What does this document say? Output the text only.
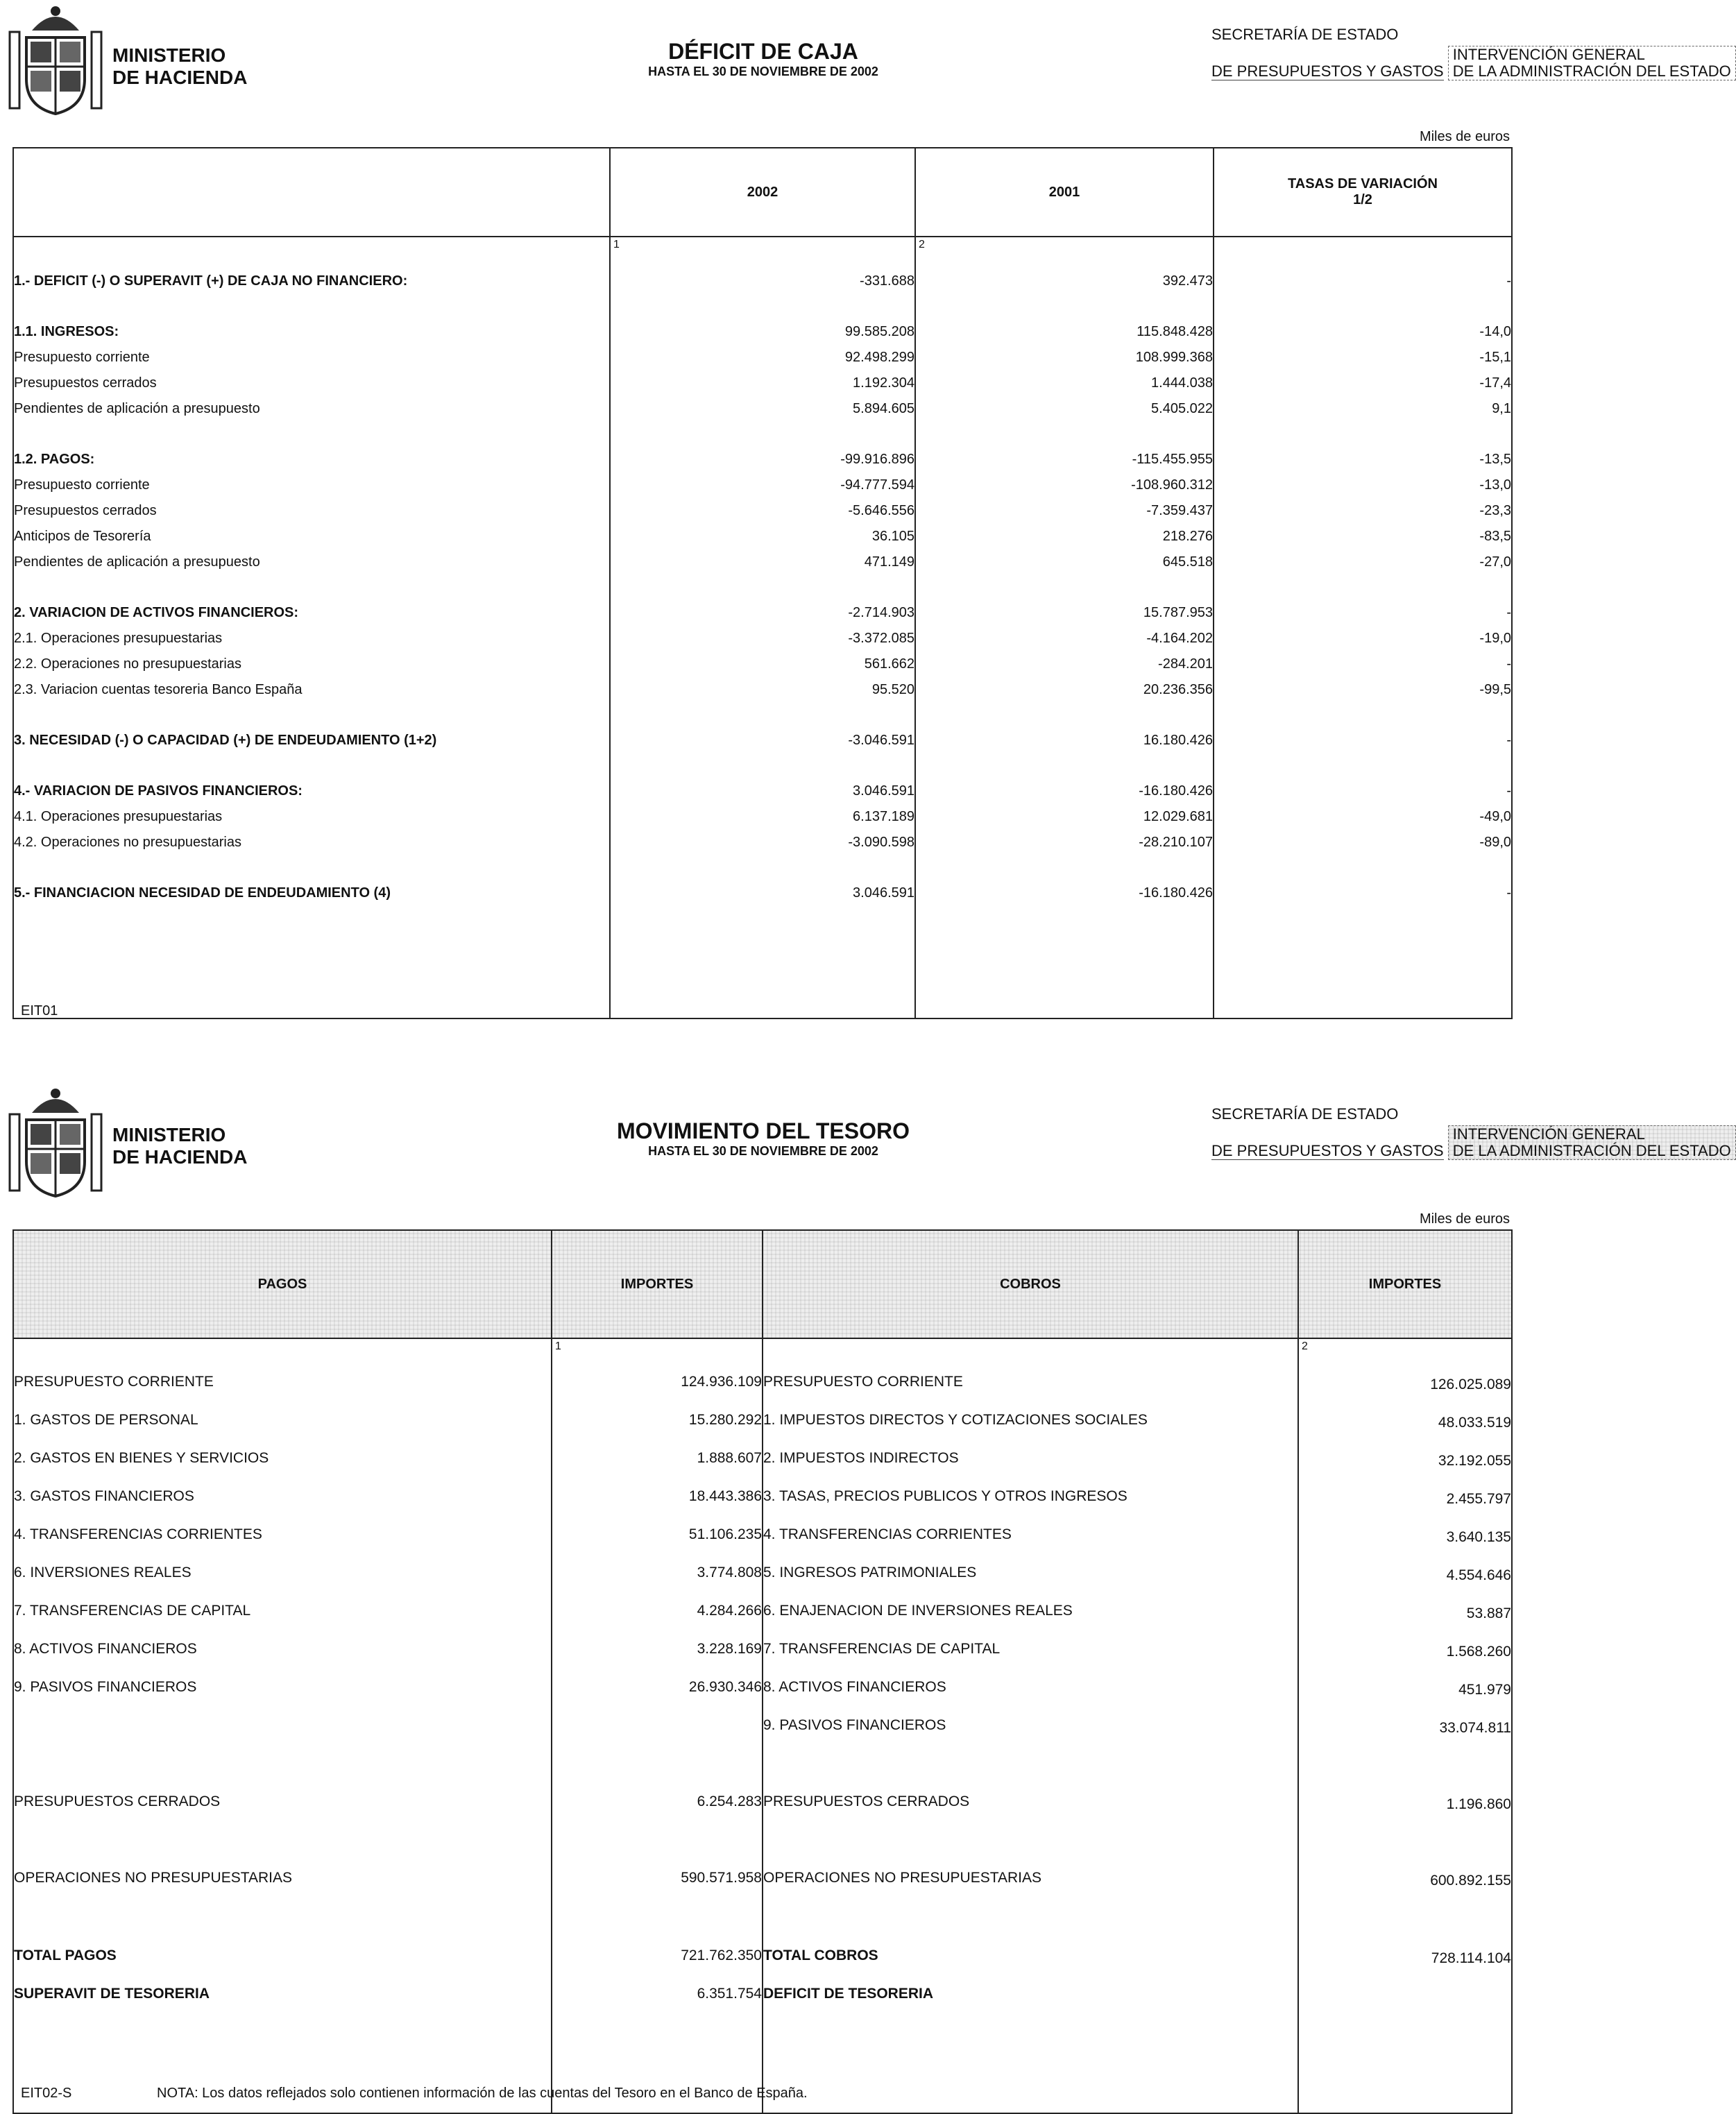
MINISTERIO
DE HACIENDA
DÉFICIT DE CAJA
HASTA EL 30 DE NOVIEMBRE DE 2002
SECRETARÍA DE ESTADO
DE PRESUPUESTOS Y GASTOS
INTERVENCIÓN GENERAL
DE LA ADMINISTRACIÓN DEL ESTADO
Miles de euros
	2002	2001	TASAS DE VARIACIÓN
1/2

	1	2	

1.- DEFICIT (-) O SUPERAVIT (+) DE CAJA NO FINANCIERO:	-331.688	392.473	-

1.1. INGRESOS:	99.585.208	115.848.428	-14,0
Presupuesto corriente	92.498.299	108.999.368	-15,1
Presupuestos cerrados	1.192.304	1.444.038	-17,4
Pendientes de aplicación a presupuesto	5.894.605	5.405.022	9,1

1.2. PAGOS:	-99.916.896	-115.455.955	-13,5
Presupuesto corriente	-94.777.594	-108.960.312	-13,0
Presupuestos cerrados	-5.646.556	-7.359.437	-23,3
Anticipos de Tesorería	36.105	218.276	-83,5
Pendientes de aplicación a presupuesto	471.149	645.518	-27,0

2. VARIACION DE ACTIVOS FINANCIEROS:	-2.714.903	15.787.953	-
2.1. Operaciones presupuestarias	-3.372.085	-4.164.202	-19,0
2.2. Operaciones no presupuestarias	561.662	-284.201	-
2.3. Variacion cuentas tesoreria Banco España	95.520	20.236.356	-99,5

3. NECESIDAD (-) O CAPACIDAD (+) DE ENDEUDAMIENTO (1+2)	-3.046.591	16.180.426	-

4.- VARIACION DE PASIVOS FINANCIEROS:	3.046.591	-16.180.426	-
4.1. Operaciones presupuestarias	6.137.189	12.029.681	-49,0
4.2. Operaciones no presupuestarias	-3.090.598	-28.210.107	-89,0

5.- FINANCIACION NECESIDAD DE ENDEUDAMIENTO (4)	3.046.591	-16.180.426	-

EIT01
MINISTERIO
DE HACIENDA
MOVIMIENTO DEL TESORO
HASTA EL 30 DE NOVIEMBRE DE 2002
SECRETARÍA DE ESTADO
DE PRESUPUESTOS Y GASTOS
INTERVENCIÓN GENERAL
DE LA ADMINISTRACIÓN DEL ESTADO
Miles de euros
PAGOS	IMPORTES	COBROS	IMPORTES

	1		2

PRESUPUESTO CORRIENTE	124.936.109	PRESUPUESTO CORRIENTE	126.025.089
1. GASTOS DE PERSONAL	15.280.292	1. IMPUESTOS DIRECTOS Y COTIZACIONES SOCIALES	48.033.519
2. GASTOS EN BIENES Y SERVICIOS	1.888.607	2. IMPUESTOS INDIRECTOS	32.192.055
3. GASTOS FINANCIEROS	18.443.386	3. TASAS, PRECIOS PUBLICOS Y OTROS INGRESOS	2.455.797
4. TRANSFERENCIAS CORRIENTES	51.106.235	4. TRANSFERENCIAS CORRIENTES	3.640.135
6. INVERSIONES REALES	3.774.808	5. INGRESOS PATRIMONIALES	4.554.646
7. TRANSFERENCIAS DE CAPITAL	4.284.266	6. ENAJENACION DE INVERSIONES REALES	53.887
8. ACTIVOS FINANCIEROS	3.228.169	7. TRANSFERENCIAS DE CAPITAL	1.568.260
9. PASIVOS FINANCIEROS	26.930.346	8. ACTIVOS FINANCIEROS	451.979
		9. PASIVOS FINANCIEROS	33.074.811
PRESUPUESTOS CERRADOS	6.254.283	PRESUPUESTOS CERRADOS	1.196.860
OPERACIONES NO PRESUPUESTARIAS	590.571.958	OPERACIONES NO PRESUPUESTARIAS	600.892.155
TOTAL PAGOS	721.762.350	TOTAL COBROS	728.114.104
SUPERAVIT DE TESORERIA	6.351.754	DEFICIT DE TESORERIA	

EIT02-S	NOTA: Los datos reflejados solo contienen información de las cuentas del Tesoro en el Banco de España.
